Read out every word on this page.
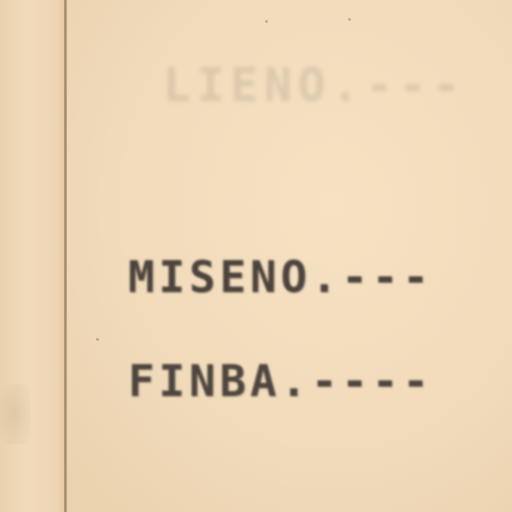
LIENO.---
MISENO.---
FINBA.----
